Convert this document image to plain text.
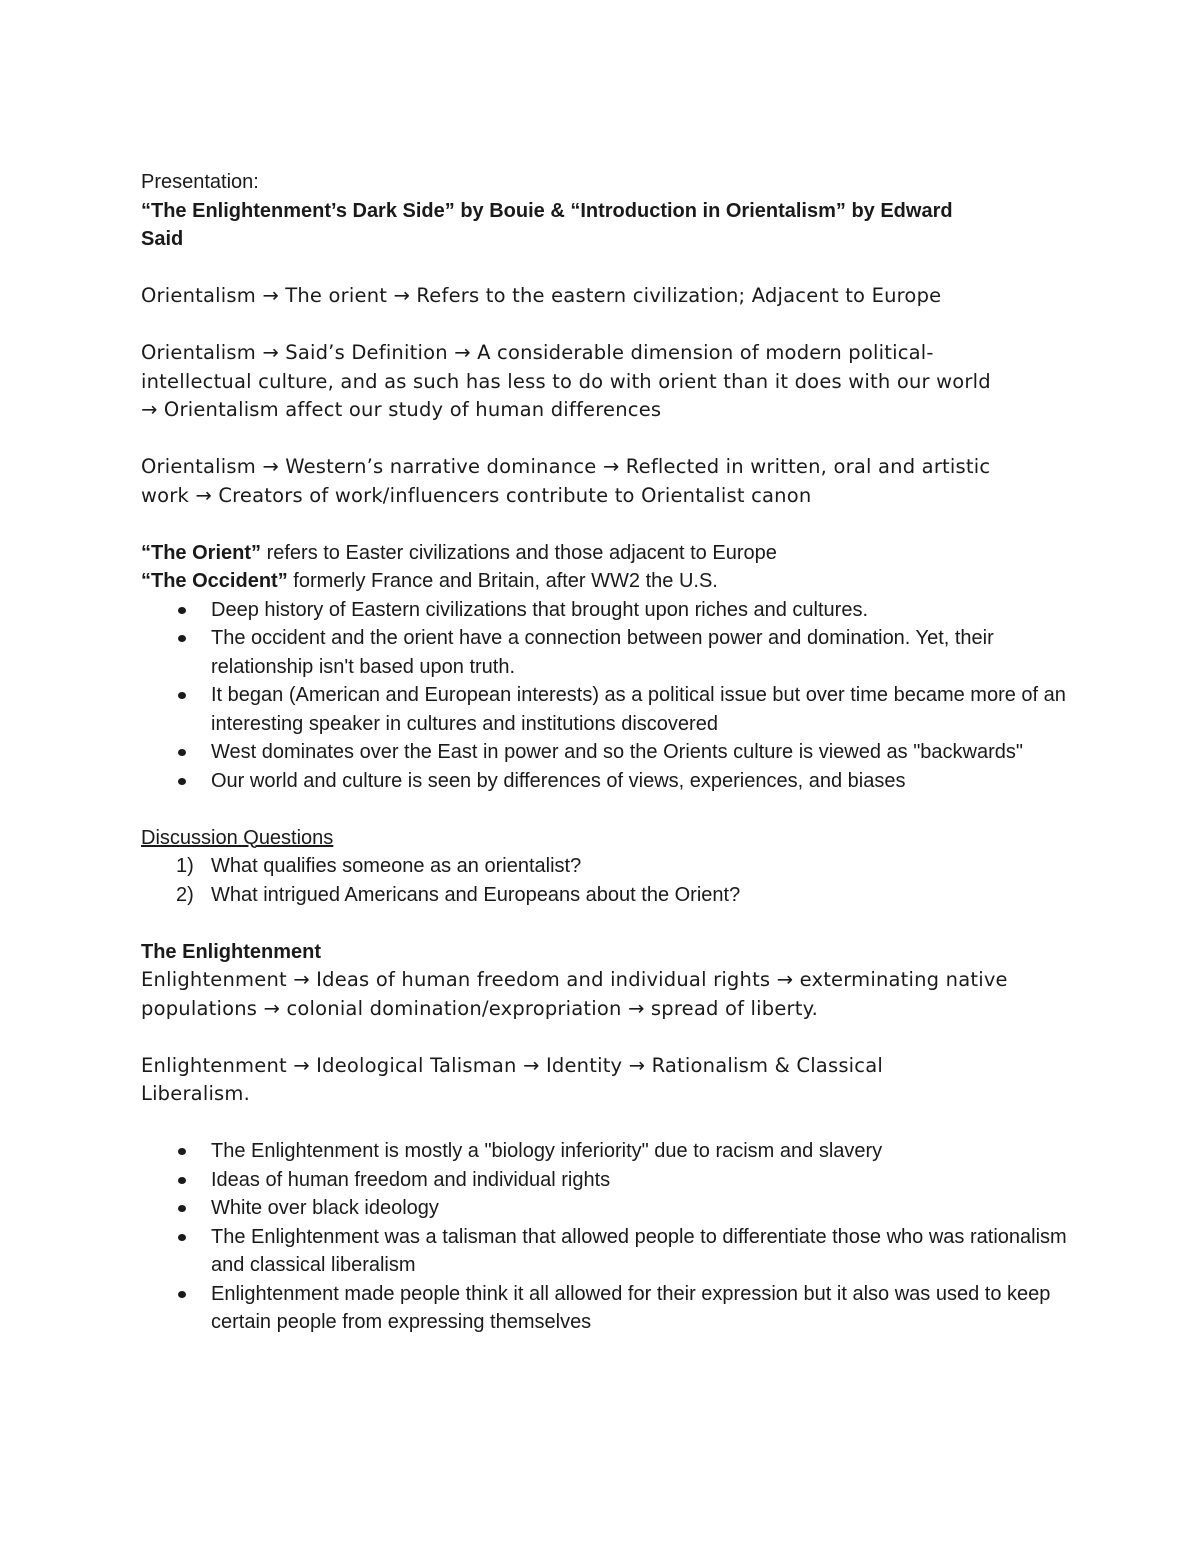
Presentation:
“The Enlightenment’s Dark Side” by Bouie & “Introduction in Orientalism” by Edward
Said
Orientalism → The orient → Refers to the eastern civilization; Adjacent to Europe
Orientalism → Said’s Definition → A considerable dimension of modern political-intellectual culture, and as such has less to do with orient than it does with our world → Orientalism affect our study of human differences
Orientalism → Western’s narrative dominance → Reflected in written, oral and artistic work → Creators of work/influencers contribute to Orientalist canon
“The Orient” refers to Easter civilizations and those adjacent to Europe
“The Occident” formerly France and Britain, after WW2 the U.S.
Deep history of Eastern civilizations that brought upon riches and cultures.
The occident and the orient have a connection between power and domination. Yet, their relationship isn't based upon truth.
It began (American and European interests) as a political issue but over time became more of an interesting speaker in cultures and institutions discovered
West dominates over the East in power and so the Orients culture is viewed as "backwards"
Our world and culture is seen by differences of views, experiences, and biases
Discussion Questions
1) What qualifies someone as an orientalist?
2) What intrigued Americans and Europeans about the Orient?
The Enlightenment
Enlightenment → Ideas of human freedom and individual rights → exterminating native populations → colonial domination/expropriation → spread of liberty.
Enlightenment → Ideological Talisman → Identity → Rationalism & Classical Liberalism.
The Enlightenment is mostly a "biology inferiority" due to racism and slavery
Ideas of human freedom and individual rights
White over black ideology
The Enlightenment was a talisman that allowed people to differentiate those who was rationalism and classical liberalism
Enlightenment made people think it all allowed for their expression but it also was used to keep certain people from expressing themselves
